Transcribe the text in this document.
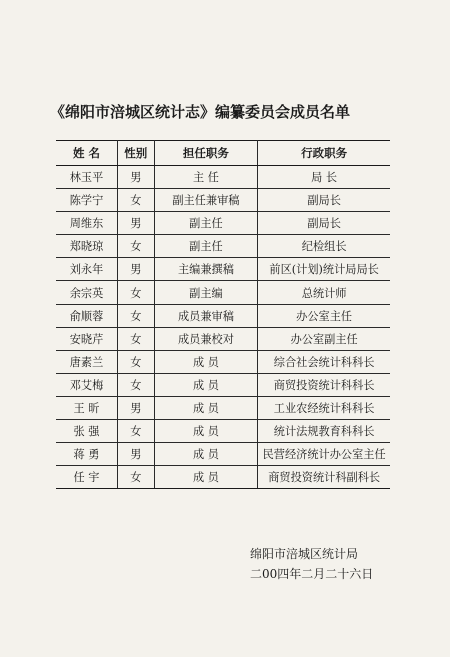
《绵阳市涪城区统计志》编纂委员会成员名单
姓 名	性别	担任职务	行政职务
林玉平	男	主 任	局 长
陈学宁	女	副主任兼审稿	副局长
周维东	男	副主任	副局长
郑晓琼	女	副主任	纪检组长
刘永年	男	主编兼撰稿	前区(计划)统计局局长
余宗英	女	副主编	总统计师
俞顺蓉	女	成员兼审稿	办公室主任
安晓芹	女	成员兼校对	办公室副主任
唐素兰	女	成 员	综合社会统计科科长
邓艾梅	女	成 员	商贸投资统计科科长
王 昕	男	成 员	工业农经统计科科长
张 强	女	成 员	统计法规教育科科长
蒋 勇	男	成 员	民营经济统计办公室主任
任 宇	女	成 员	商贸投资统计科副科长
绵阳市涪城区统计局
二00四年二月二十六日
